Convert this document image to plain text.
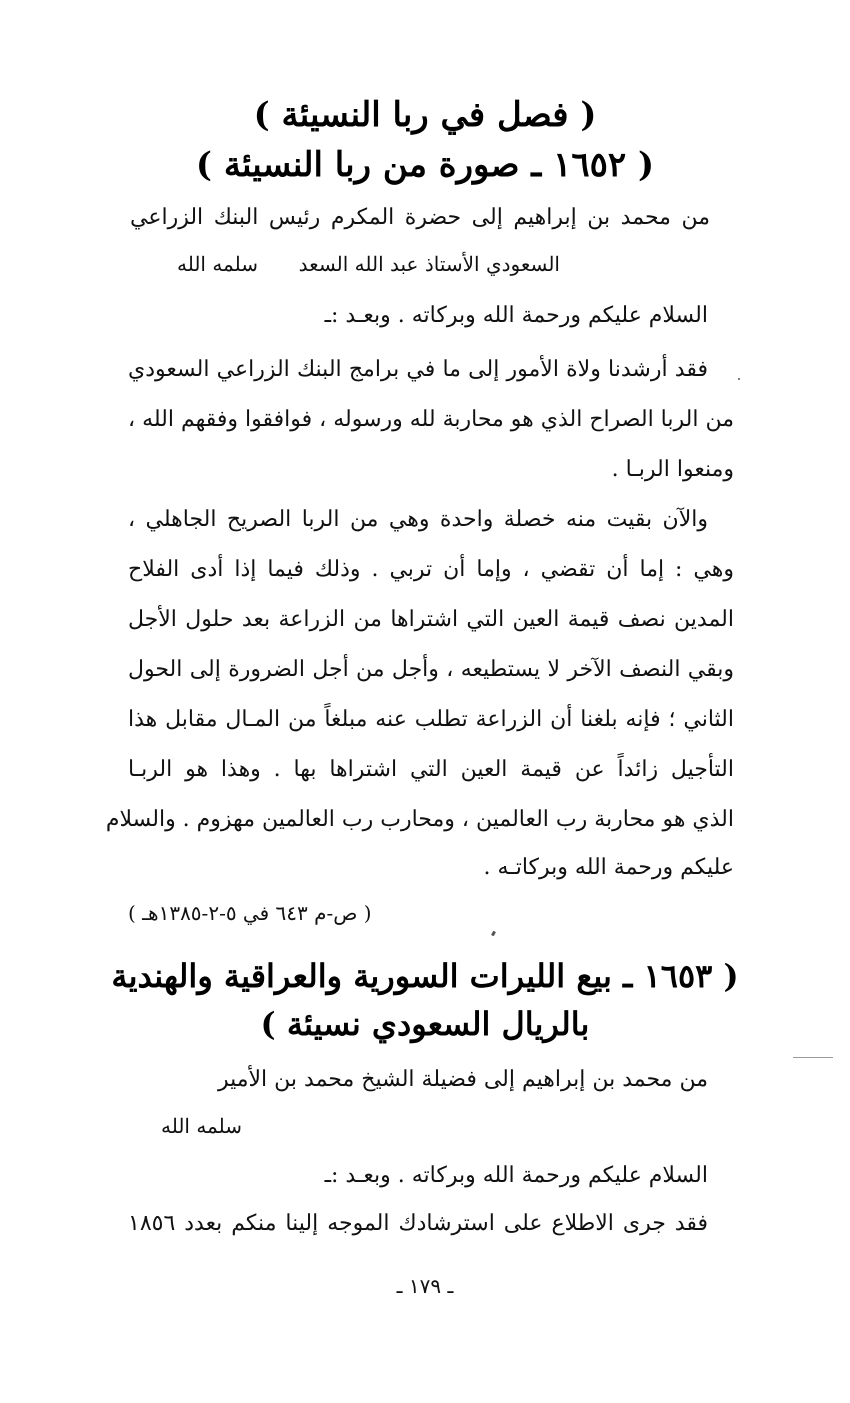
( فصل في ربا النسيئة )
( ١٦٥٢ ـ صورة من ربا النسيئة )
من محمد بن إبراهيم إلى حضرة المكرم رئيس البنك الزراعي
السعودي الأستاذ عبد الله السعد
سلمه الله
السلام عليكم ورحمة الله وبركاته . وبعـد :ـ
فقد أرشدنا ولاة الأمور إلى ما في برامج البنك الزراعي السعودي
من الربا الصراح الذي هو محاربة لله ورسوله ، فوافقوا وفقهم الله ،
ومنعوا الربـا .
والآن بقيت منه خصلة واحدة وهي من الربا الصريح الجاهلي ،
وهي : إما أن تقضي ، وإما أن تربي . وذلك فيما إذا أدى الفلاح
المدين نصف قيمة العين التي اشتراها من الزراعة بعد حلول الأجل
وبقي النصف الآخر لا يستطيعه ، وأجل من أجل الضرورة إلى الحول
الثاني ؛ فإنه بلغنا أن الزراعة تطلب عنه مبلغاً من المـال مقابل هذا
التأجيل زائداً عن قيمة العين التي اشتراها بها . وهذا هو الربـا
الذي هو محاربة رب العالمين ، ومحارب رب العالمين مهزوم . والسلام
عليكم ورحمة الله وبركاتـه .
( ص-م ٦٤٣ في ٥-٢-١٣٨٥هـ )
( ١٦٥٣ ـ بيع الليرات السورية والعراقية والهندية
بالريال السعودي نسيئة )
من محمد بن إبراهيم إلى فضيلة الشيخ محمد بن الأمير
سلمه الله
السلام عليكم ورحمة الله وبركاته . وبعـد :ـ
فقد جرى الاطلاع على استرشادك الموجه إلينا منكم بعدد ١٨٥٦
ـ ١٧٩ ـ
